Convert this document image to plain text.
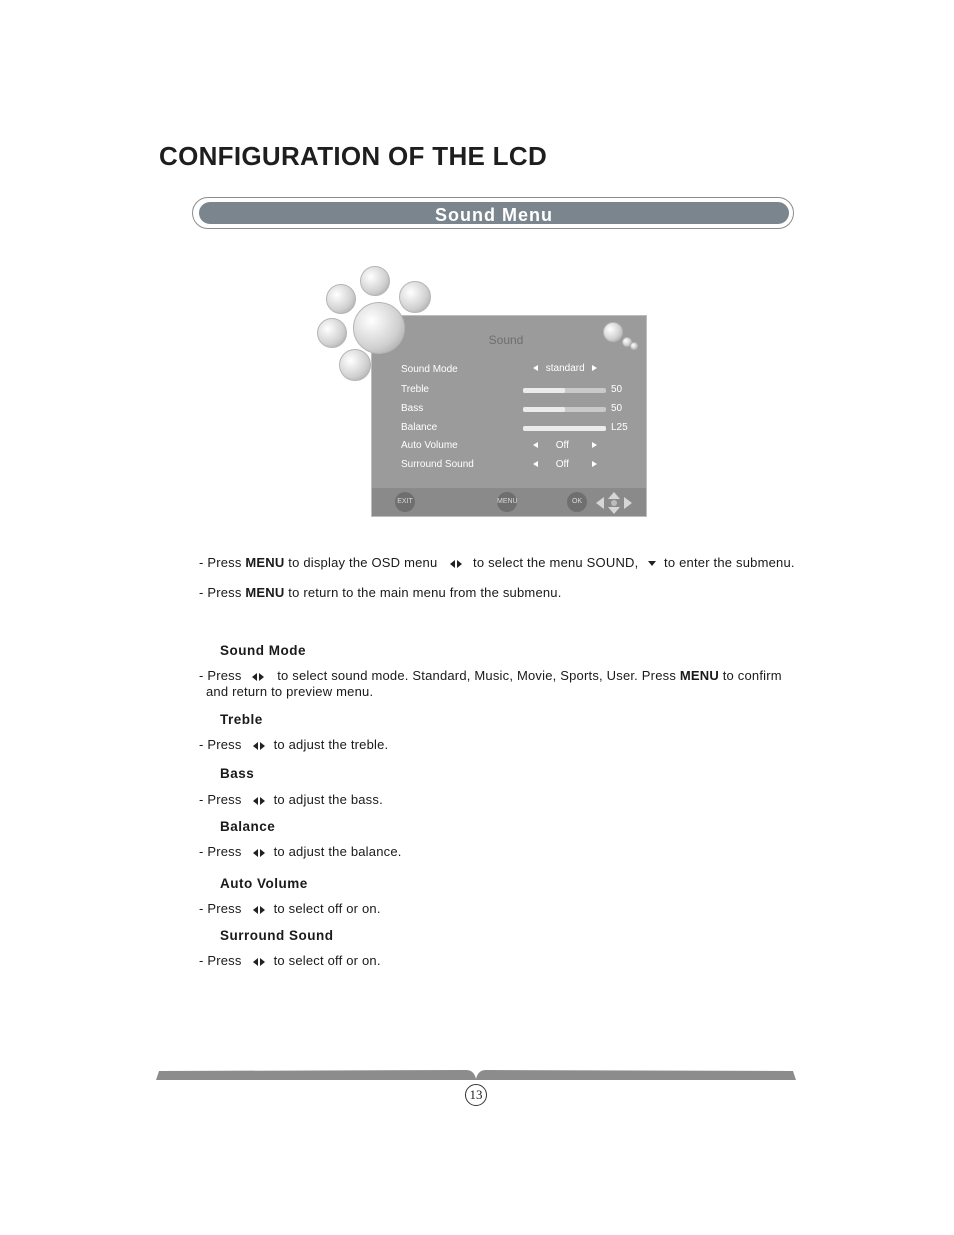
CONFIGURATION OF THE LCD
Sound Menu
Sound
Sound Mode	standard
Treble	50
Bass	50
Balance	L25
Auto Volume	Off
Surround Sound	Off
EXIT	MENU	OK
- Press MENU to display the OSD menu  to select the menu SOUND,  to enter the submenu.
- Press MENU to return to the main menu from the submenu.
Sound Mode
- Press  to select sound mode. Standard, Music, Movie, Sports, User. Press MENU to confirm
and return to preview menu.
Treble
- Press to adjust the treble.
Bass
- Press to adjust the bass.
Balance
- Press to adjust the balance.
Auto Volume
- Press to select off or on.
Surround Sound
- Press to select off or on.
13
